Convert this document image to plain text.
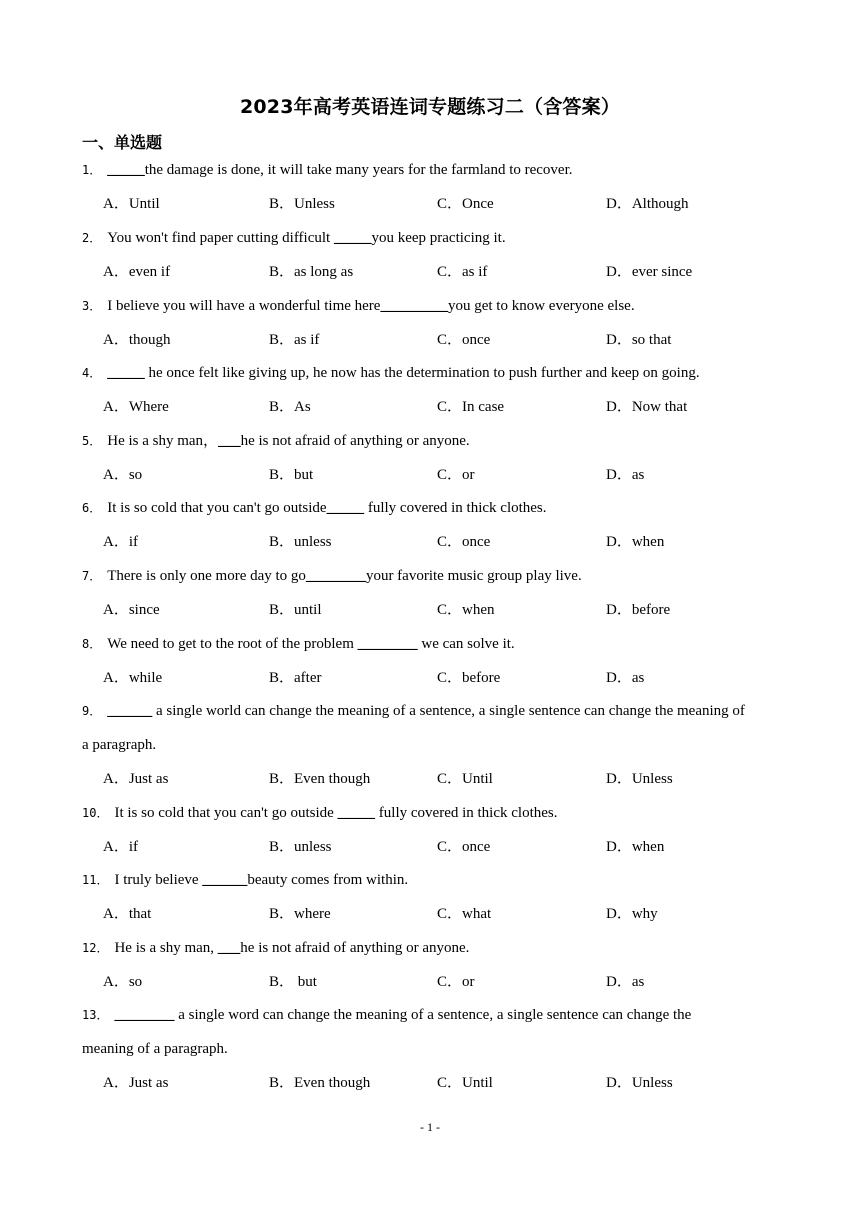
2023年高考英语连词专题练习二（含答案）
一、单选题
1． _____the damage is done, it will take many years for the farmland to recover.
A．Until	B．Unless	C．Once	D．Although
2． You won't find paper cutting difficult _____you keep practicing it.
A．even if	B．as long as	C．as if	D．ever since
3． I believe you will have a wonderful time here_________you get to know everyone else.
A．though	B．as if	C．once	D．so that
4． _____ he once felt like giving up, he now has the determination to push further and keep on going.
A．Where	B．As	C．In case	D．Now that
5． He is a shy man，___he is not afraid of anything or anyone.
A．so	B．but	C．or	D．as
6． It is so cold that you can't go outside_____ fully covered in thick clothes.
A．if	B．unless	C．once	D．when
7． There is only one more day to go________your favorite music group play live.
A．since	B．until	C．when	D．before
8． We need to get to the root of the problem ________ we can solve it.
A．while	B．after	C．before	D．as
9． ______ a single world can change the meaning of a sentence, a single sentence can change the meaning of
a paragraph.
A．Just as	B．Even though	C．Until	D．Unless
10． It is so cold that you can't go outside _____ fully covered in thick clothes.
A．if	B．unless	C．once	D．when
11． I truly believe ______beauty comes from within.
A．that	B．where	C．what	D．why
12． He is a shy man, ___he is not afraid of anything or anyone.
A．so	B． but	C．or	D．as
13． ________ a single word can change the meaning of a sentence, a single sentence can change the
meaning of a paragraph.
A．Just as	B．Even though	C．Until	D．Unless
- 1 -
